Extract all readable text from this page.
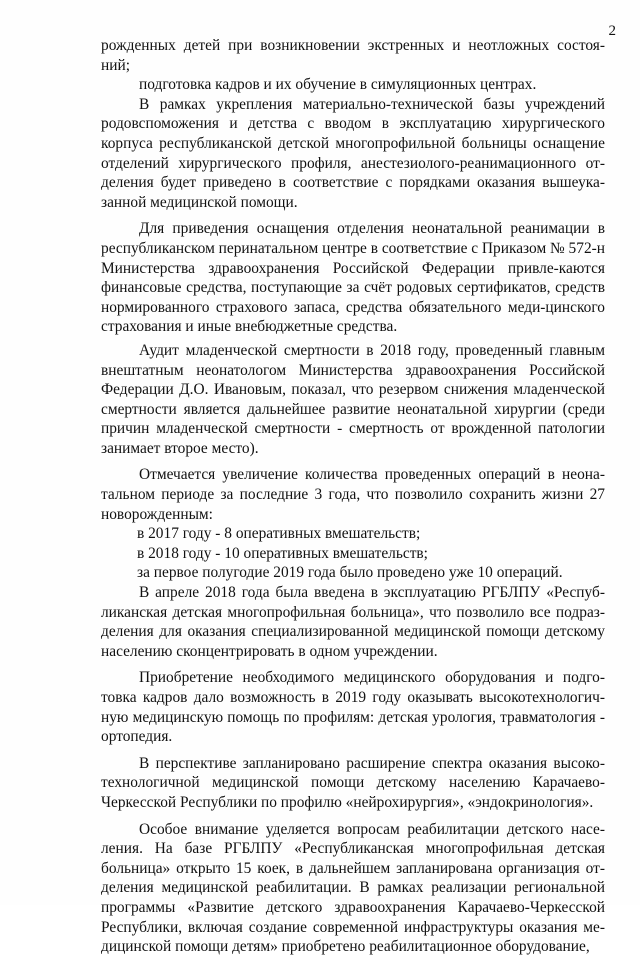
2

рожденных детей при возникновении экстренных и неотложных состоя-ний;

подготовка кадров и их обучение в симуляционных центрах.

В рамках укрепления материально-технической базы учреждений родовспоможения и детства с вводом в эксплуатацию хирургического корпуса республиканской детской многопрофильной больницы оснащение отделений хирургического профиля, анестезиолого-реанимационного от-деления будет приведено в соответствие с порядками оказания вышеука-занной медицинской помощи.

Для приведения оснащения отделения неонатальной реанимации в республиканском перинатальном центре в соответствие с Приказом № 572-н Министерства здравоохранения Российской Федерации привле-каются финансовые средства, поступающие за счёт родовых сертификатов, средств нормированного страхового запаса, средства обязательного меди-цинского страхования и иные внебюджетные средства.

Аудит младенческой смертности в 2018 году, проведенный главным внештатным неонатологом Министерства здравоохранения Российской Федерации Д.О. Ивановым, показал, что резервом снижения младенческой смертности является дальнейшее развитие неонатальной хирургии (среди причин младенческой смертности - смертность от врожденной патологии занимает второе место).

Отмечается увеличение количества проведенных операций в неона-тальном периоде за последние 3 года, что позволило сохранить жизни 27 новорожденным:

в 2017 году - 8 оперативных вмешательств;

в 2018 году - 10 оперативных вмешательств;

за первое полугодие 2019 года было проведено уже 10 операций.

В апреле 2018 года была введена в эксплуатацию РГБЛПУ «Респуб-ликанская детская многопрофильная больница», что позволило все подраз-деления для оказания специализированной медицинской помощи детскому населению сконцентрировать в одном учреждении.

Приобретение необходимого медицинского оборудования и подго-товка кадров дало возможность в 2019 году оказывать высокотехнологич-ную медицинскую помощь по профилям: детская урология, травматология - ортопедия.

В перспективе запланировано расширение спектра оказания высоко-технологичной медицинской помощи детскому населению Карачаево-Черкесской Республики по профилю «нейрохирургия», «эндокринология».

Особое внимание уделяется вопросам реабилитации детского насе-ления. На базе РГБЛПУ «Республиканская многопрофильная детская больница» открыто 15 коек, в дальнейшем запланирована организация от-деления медицинской реабилитации. В рамках реализации региональной программы «Развитие детского здравоохранения Карачаево-Черкесской Республики, включая создание современной инфраструктуры оказания ме-дицинской помощи детям» приобретено реабилитационное оборудование,
